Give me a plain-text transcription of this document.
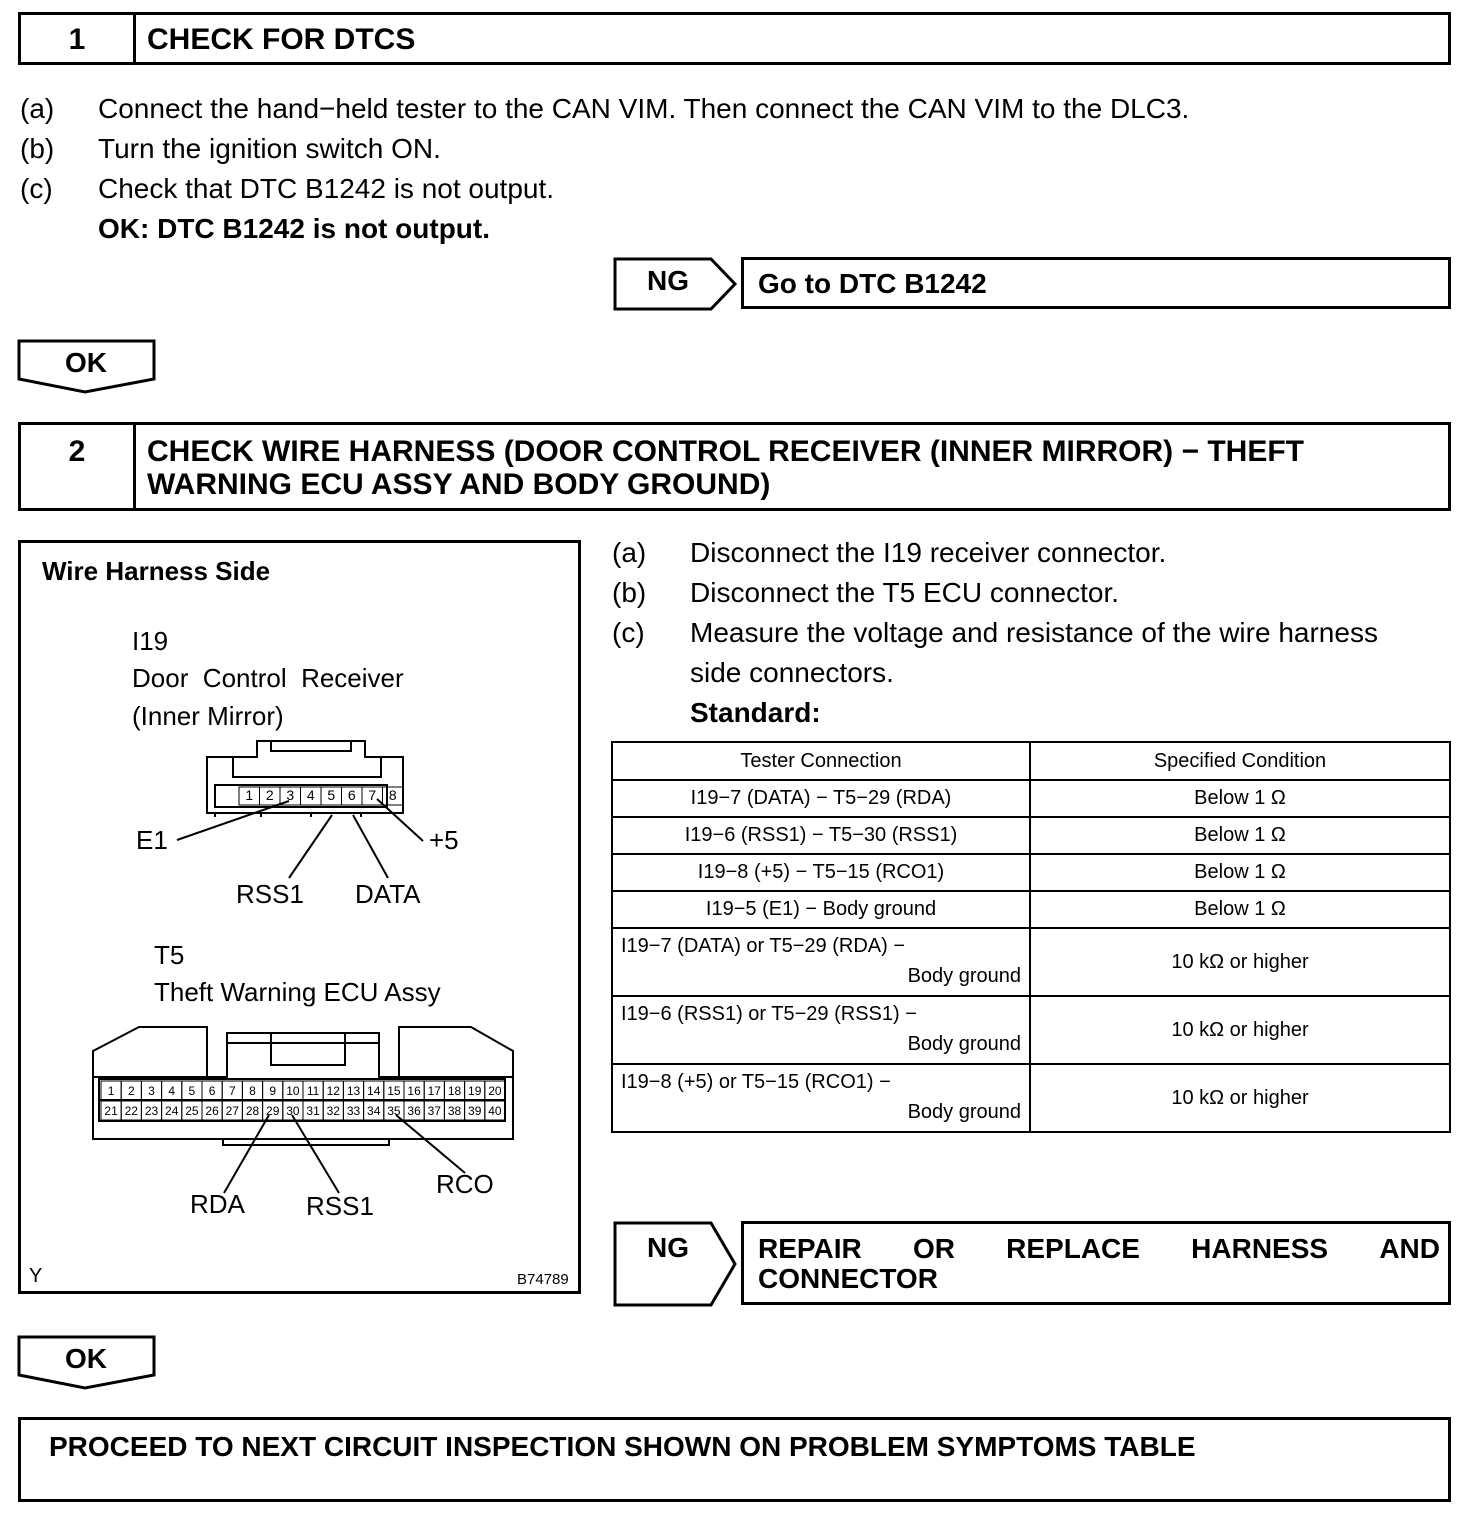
1	CHECK FOR DTCS
(a) Connect the hand−held tester to the CAN VIM. Then connect the CAN VIM to the DLC3.
(b) Turn the ignition switch ON.
(c) Check that DTC B1242 is not output.
OK: DTC B1242 is not output.
NG Go to DTC B1242
OK
2	CHECK WIRE HARNESS (DOOR CONTROL RECEIVER (INNER MIRROR) − THEFT
WARNING ECU ASSY AND BODY GROUND)
Wire Harness Side
I19
Door  Control  Receiver
(Inner Mirror)
1 2 3 4 5 6 7 8
E1	+5
RSS1 DATA
T5
Theft Warning ECU Assy
1 2 3 4 5 6 7 8 9 10 11 12 13 14 15 16 17 18 19 20
21 22 23 24 25 26 27 28 29 30 31 32 33 34 35 36 37 38 39 40
RDA RSS1
RCO
Y	B74789
(a) Disconnect the I19 receiver connector.
(b) Disconnect the T5 ECU connector.
(c) Measure the voltage and resistance of the wire harness
side connectors.
Standard:
Tester Connection	Specified Condition
I19−7 (DATA) − T5−29 (RDA)	Below 1 Ω
I19−6 (RSS1) − T5−30 (RSS1)	Below 1 Ω
I19−8 (+5) − T5−15 (RCO1)	Below 1 Ω
I19−5 (E1) − Body ground	Below 1 Ω

I19−7 (DATA) or T5−29 (RDA) −
Body ground	10 kΩ or higher

I19−6 (RSS1) or T5−29 (RSS1) −
Body ground	10 kΩ or higher

I19−8 (+5) or T5−15 (RCO1) −
Body ground	10 kΩ or higher
NG REPAIR OR REPLACE HARNESS AND
CONNECTOR
OK
PROCEED TO NEXT CIRCUIT INSPECTION SHOWN ON PROBLEM SYMPTOMS TABLE
